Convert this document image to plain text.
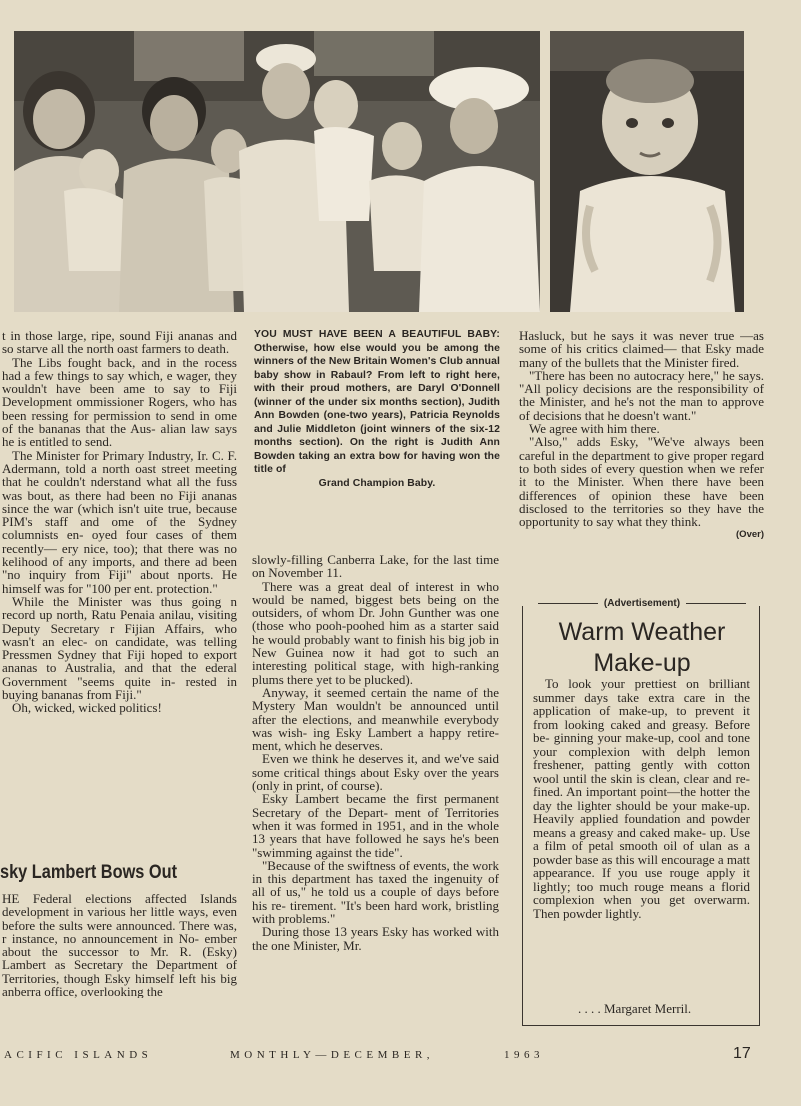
YOU MUST HAVE BEEN A BEAUTIFUL BABY: Otherwise, how else would you be among the winners of the New Britain Women's Club annual baby show in Rabaul? From left to right here, with their proud mothers, are Daryl O'Donnell (winner of the under six months section), Judith Ann Bowden (one-two years), Patricia Reynolds and Julie Middleton (joint winners of the six-12 months section). On the right is Judith Ann Bowden taking an extra bow for having won the title of
Grand Champion Baby.

t in those large, ripe, sound Fiji ananas and so starve all the north oast farmers to death.

The Libs fought back, and in the rocess had a few things to say which, e wager, they wouldn't have been ame to say to Fiji Development ommissioner Rogers, who has been ressing for permission to send in ome of the bananas that the Aus- alian law says he is entitled to send.

The Minister for Primary Industry, Ir. C. F. Adermann, told a north oast street meeting that he couldn't nderstand what all the fuss was bout, as there had been no Fiji ananas since the war (which isn't uite true, because PIM's staff and ome of the Sydney columnists en- oyed four cases of them recently— ery nice, too); that there was no kelihood of any imports, and there ad been "no inquiry from Fiji" about nports. He himself was for "100 per ent. protection."

While the Minister was thus going n record up north, Ratu Penaia anilau, visiting Deputy Secretary r Fijian Affairs, who wasn't an elec- on candidate, was telling Pressmen Sydney that Fiji hoped to export ananas to Australia, and that the ederal Government "seems quite in- rested in buying bananas from Fiji."

Oh, wicked, wicked politics!

sky Lambert Bows Out

HE Federal elections affected Islands development in various her little ways, even before the sults were announced. There was, r instance, no announcement in No- ember about the successor to Mr. R. (Esky) Lambert as Secretary the Department of Territories, though Esky himself left his big anberra office, overlooking the

slowly-filling Canberra Lake, for the last time on November 11.

There was a great deal of interest in who would be named, biggest bets being on the outsiders, of whom Dr. John Gunther was one (those who pooh-poohed him as a starter said he would probably want to finish his big job in New Guinea now it had got to such an interesting political stage, with high-ranking plums there yet to be plucked).

Anyway, it seemed certain the name of the Mystery Man wouldn't be announced until after the elections, and meanwhile everybody was wish- ing Esky Lambert a happy retire- ment, which he deserves.

Even we think he deserves it, and we've said some critical things about Esky over the years (only in print, of course).

Esky Lambert became the first permanent Secretary of the Depart- ment of Territories when it was formed in 1951, and in the whole 13 years that have followed he says he's been "swimming against the tide".

"Because of the swiftness of events, the work in this department has taxed the ingenuity of all of us," he told us a couple of days before his re- tirement. "It's been hard work, bristling with problems."

During those 13 years Esky has worked with the one Minister, Mr.

Hasluck, but he says it was never true —as some of his critics claimed— that Esky made many of the bullets that the Minister fired.

"There has been no autocracy here," he says. "All policy decisions are the responsibility of the Minister, and he's not the man to approve of decisions that he doesn't want."

We agree with him there.

"Also," adds Esky, "We've always been careful in the department to give proper regard to both sides of every question when we refer it to the Minister. When there have been differences of opinion these have been disclosed to the territories so they have the opportunity to say what they think.

(Over)

(Advertisement)
Warm Weather
Make-up

To look your prettiest on brilliant summer days take extra care in the application of make-up, to prevent it from looking caked and greasy. Before be- ginning your make-up, cool and tone your complexion with delph lemon freshener, patting gently with cotton wool until the skin is clean, clear and re- fined. An important point—the hotter the day the lighter should be your make-up. Heavily applied foundation and powder means a greasy and caked make- up. Use a film of petal smooth oil of ulan as a powder base as this will encourage a matt appearance. If you use rouge apply it lightly; too much rouge means a florid complexion when you get overwarm. Then powder lightly.

. . . . Margaret Merril.
ACIFIC ISLANDS	MONTHLY—DECEMBER,	1963	17
